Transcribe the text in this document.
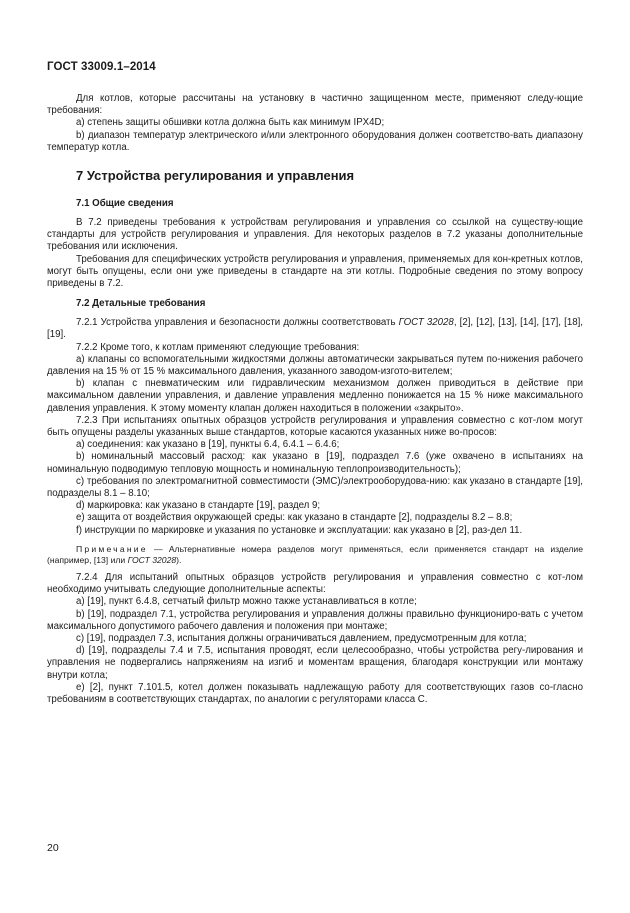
ГОСТ 33009.1–2014

Для котлов, которые рассчитаны на установку в частично защищенном месте, применяют следу-ющие требования:

a) степень защиты обшивки котла должна быть как минимум IPX4D;

b) диапазон температур электрического и/или электронного оборудования должен соответство-вать диапазону температур котла.

7 Устройства регулирования и управления
7.1 Общие сведения

В 7.2 приведены требования к устройствам регулирования и управления со ссылкой на существу-ющие стандарты для устройств регулирования и управления. Для некоторых разделов в 7.2 указаны дополнительные требования или исключения.

Требования для специфических устройств регулирования и управления, применяемых для кон-кретных котлов, могут быть опущены, если они уже приведены в стандарте на эти котлы. Подробные сведения по этому вопросу приведены в 7.2.

7.2 Детальные требования

7.2.1 Устройства управления и безопасности должны соответствовать ГОСТ 32028, [2], [12], [13], [14], [17], [18], [19].

7.2.2 Кроме того, к котлам применяют следующие требования:

a) клапаны со вспомогательными жидкостями должны автоматически закрываться путем по-нижения рабочего давления на 15 % от 15 % максимального давления, указанного заводом-изгото-вителем;

b) клапан с пневматическим или гидравлическим механизмом должен приводиться в действие при максимальном давлении управления, и давление управления медленно понижается на 15 % ниже максимального давления управления. К этому моменту клапан должен находиться в положении «закрыто».

7.2.3 При испытаниях опытных образцов устройств регулирования и управления совместно с кот-лом могут быть опущены разделы указанных выше стандартов, которые касаются указанных ниже во-просов:

a) соединения: как указано в [19], пункты 6.4, 6.4.1 – 6.4.6;

b) номинальный массовый расход: как указано в [19], подраздел 7.6 (уже охвачено в испытаниях на номинальную подводимую тепловую мощность и номинальную теплопроизводительность);

c) требования по электромагнитной совместимости (ЭМС)/электрооборудова-нию: как указано в стандарте [19], подразделы 8.1 – 8.10;

d) маркировка: как указано в стандарте [19], раздел 9;

e) защита от воздействия окружающей среды: как указано в стандарте [2], подразделы 8.2 – 8.8;

f) инструкции по маркировке и указания по установке и эксплуатации: как указано в [2], раз-дел 11.

Примечание — Альтернативные номера разделов могут применяться, если применяется стандарт на изделие (например, [13] или ГОСТ 32028).

7.2.4 Для испытаний опытных образцов устройств регулирования и управления совместно с кот-лом необходимо учитывать следующие дополнительные аспекты:

a) [19], пункт 6.4.8, сетчатый фильтр можно также устанавливаться в котле;

b) [19], подраздел 7.1, устройства регулирования и управления должны правильно функциониро-вать с учетом максимального допустимого рабочего давления и положения при монтаже;

c) [19], подраздел 7.3, испытания должны ограничиваться давлением, предусмотренным для котла;

d) [19], подразделы 7.4 и 7.5, испытания проводят, если целесообразно, чтобы устройства регу-лирования и управления не подвергались напряжениям на изгиб и моментам вращения, благодаря конструкции или монтажу внутри котла;

e) [2], пункт 7.101.5, котел должен показывать надлежащую работу для соответствующих газов со-гласно требованиям в соответствующих стандартах, по аналогии с регуляторами класса С.

20
